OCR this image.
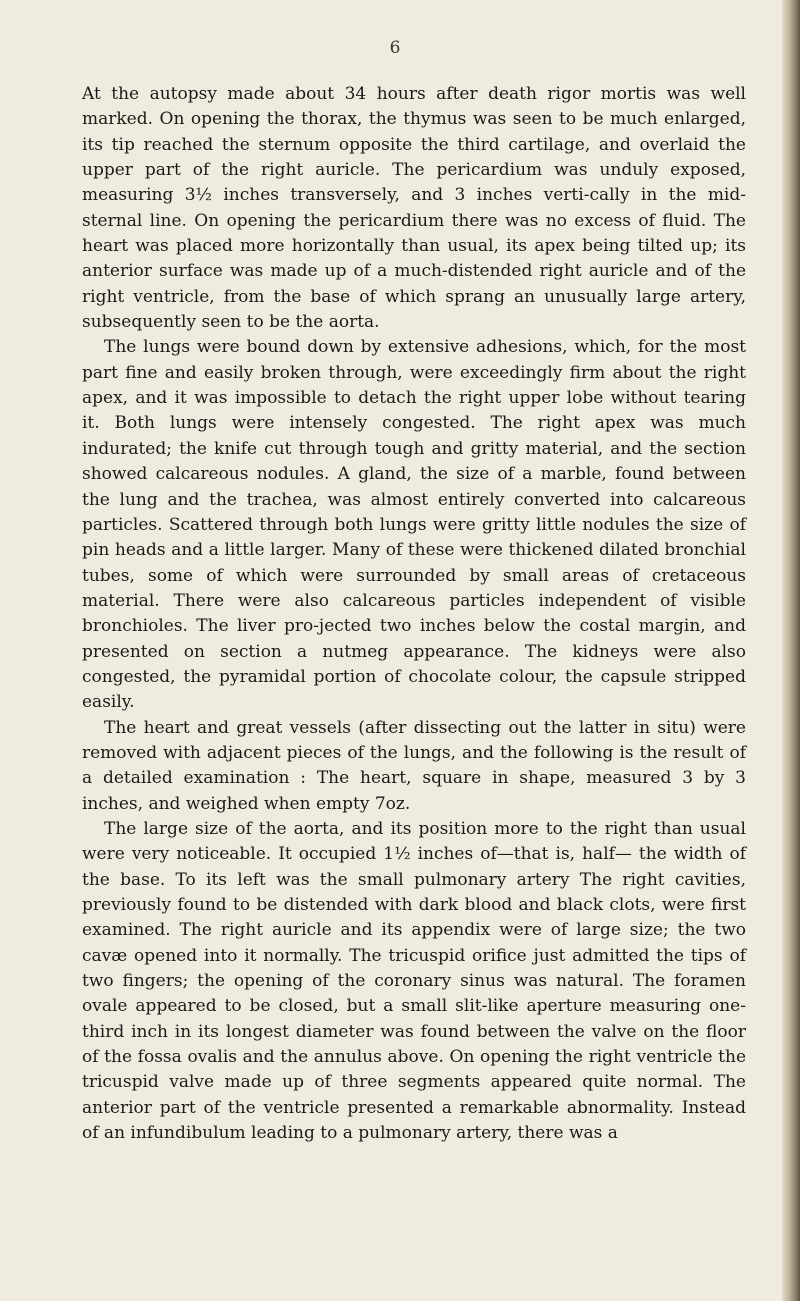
6

At the autopsy made about 34 hours after death rigor mortis was well marked. On opening the thorax, the thymus was seen to be much enlarged, its tip reached the sternum opposite the third cartilage, and overlaid the upper part of the right auricle. The pericardium was unduly exposed, measuring 3½ inches transversely, and 3 inches verti-cally in the mid-sternal line. On opening the pericardium there was no excess of fluid. The heart was placed more horizontally than usual, its apex being tilted up; its anterior surface was made up of a much-distended right auricle and of the right ventricle, from the base of which sprang an unusually large artery, subsequently seen to be the aorta.

The lungs were bound down by extensive adhesions, which, for the most part fine and easily broken through, were exceedingly firm about the right apex, and it was impossible to detach the right upper lobe without tearing it. Both lungs were intensely congested. The right apex was much indurated; the knife cut through tough and gritty material, and the section showed calcareous nodules. A gland, the size of a marble, found between the lung and the trachea, was almost entirely converted into calcareous particles. Scattered through both lungs were gritty little nodules the size of pin heads and a little larger. Many of these were thickened dilated bronchial tubes, some of which were surrounded by small areas of cretaceous material. There were also calcareous particles independent of visible bronchioles. The liver pro-jected two inches below the costal margin, and presented on section a nutmeg appearance. The kidneys were also congested, the pyramidal portion of chocolate colour, the capsule stripped easily.

The heart and great vessels (after dissecting out the latter in situ) were removed with adjacent pieces of the lungs, and the following is the result of a detailed examination : The heart, square in shape, measured 3 by 3 inches, and weighed when empty 7oz.

The large size of the aorta, and its position more to the right than usual were very noticeable. It occupied 1½ inches of—that is, half— the width of the base. To its left was the small pulmonary artery The right cavities, previously found to be distended with dark blood and black clots, were first examined. The right auricle and its appendix were of large size; the two cavæ opened into it normally. The tricuspid orifice just admitted the tips of two fingers; the opening of the coronary sinus was natural. The foramen ovale appeared to be closed, but a small slit-like aperture measuring one-third inch in its longest diameter was found between the valve on the floor of the fossa ovalis and the annulus above. On opening the right ventricle the tricuspid valve made up of three segments appeared quite normal. The anterior part of the ventricle presented a remarkable abnormality. Instead of an infundibulum leading to a pulmonary artery, there was a
